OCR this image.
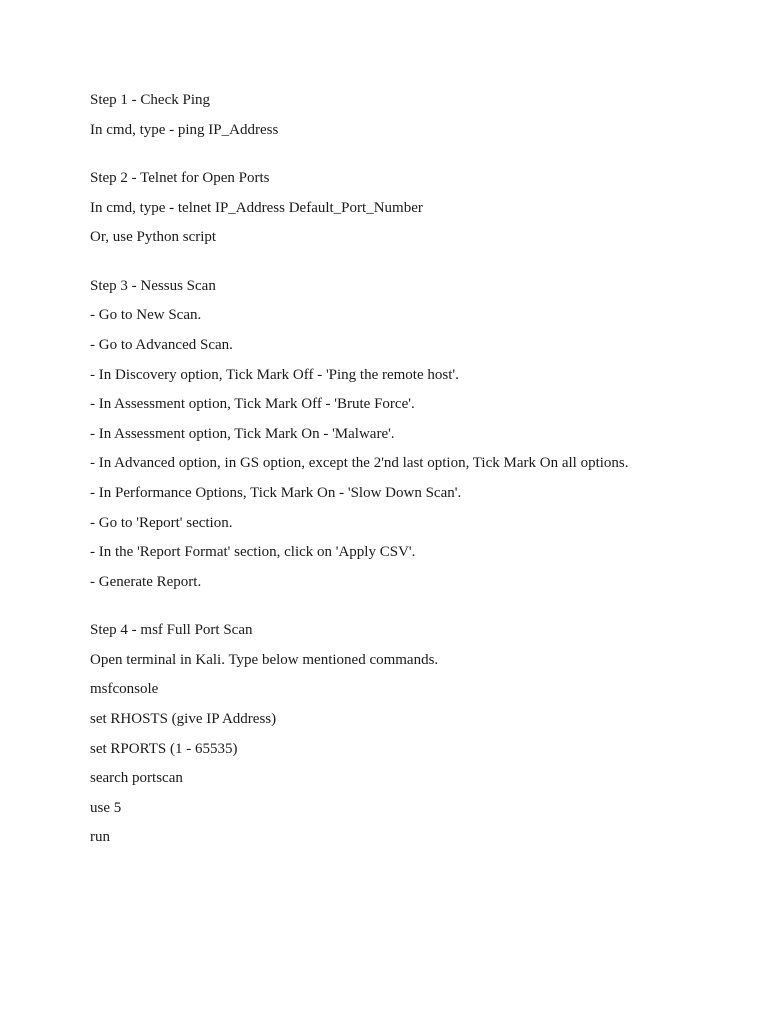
Step 1 - Check Ping

In cmd, type - ping IP_Address

Step 2 - Telnet for Open Ports

In cmd, type - telnet IP_Address Default_Port_Number

Or, use Python script

Step 3 - Nessus Scan

- Go to New Scan.

- Go to Advanced Scan.

- In Discovery option, Tick Mark Off - 'Ping the remote host'.

- In Assessment option, Tick Mark Off - 'Brute Force'.

- In Assessment option, Tick Mark On - 'Malware'.

- In Advanced option, in GS option, except the 2'nd last option, Tick Mark On all options.

- In Performance Options, Tick Mark On - 'Slow Down Scan'.

- Go to 'Report' section.

- In the 'Report Format' section, click on 'Apply CSV'.

- Generate Report.

Step 4 - msf Full Port Scan

Open terminal in Kali. Type below mentioned commands.

msfconsole

set RHOSTS (give IP Address)

set RPORTS (1 - 65535)

search portscan

use 5

run
